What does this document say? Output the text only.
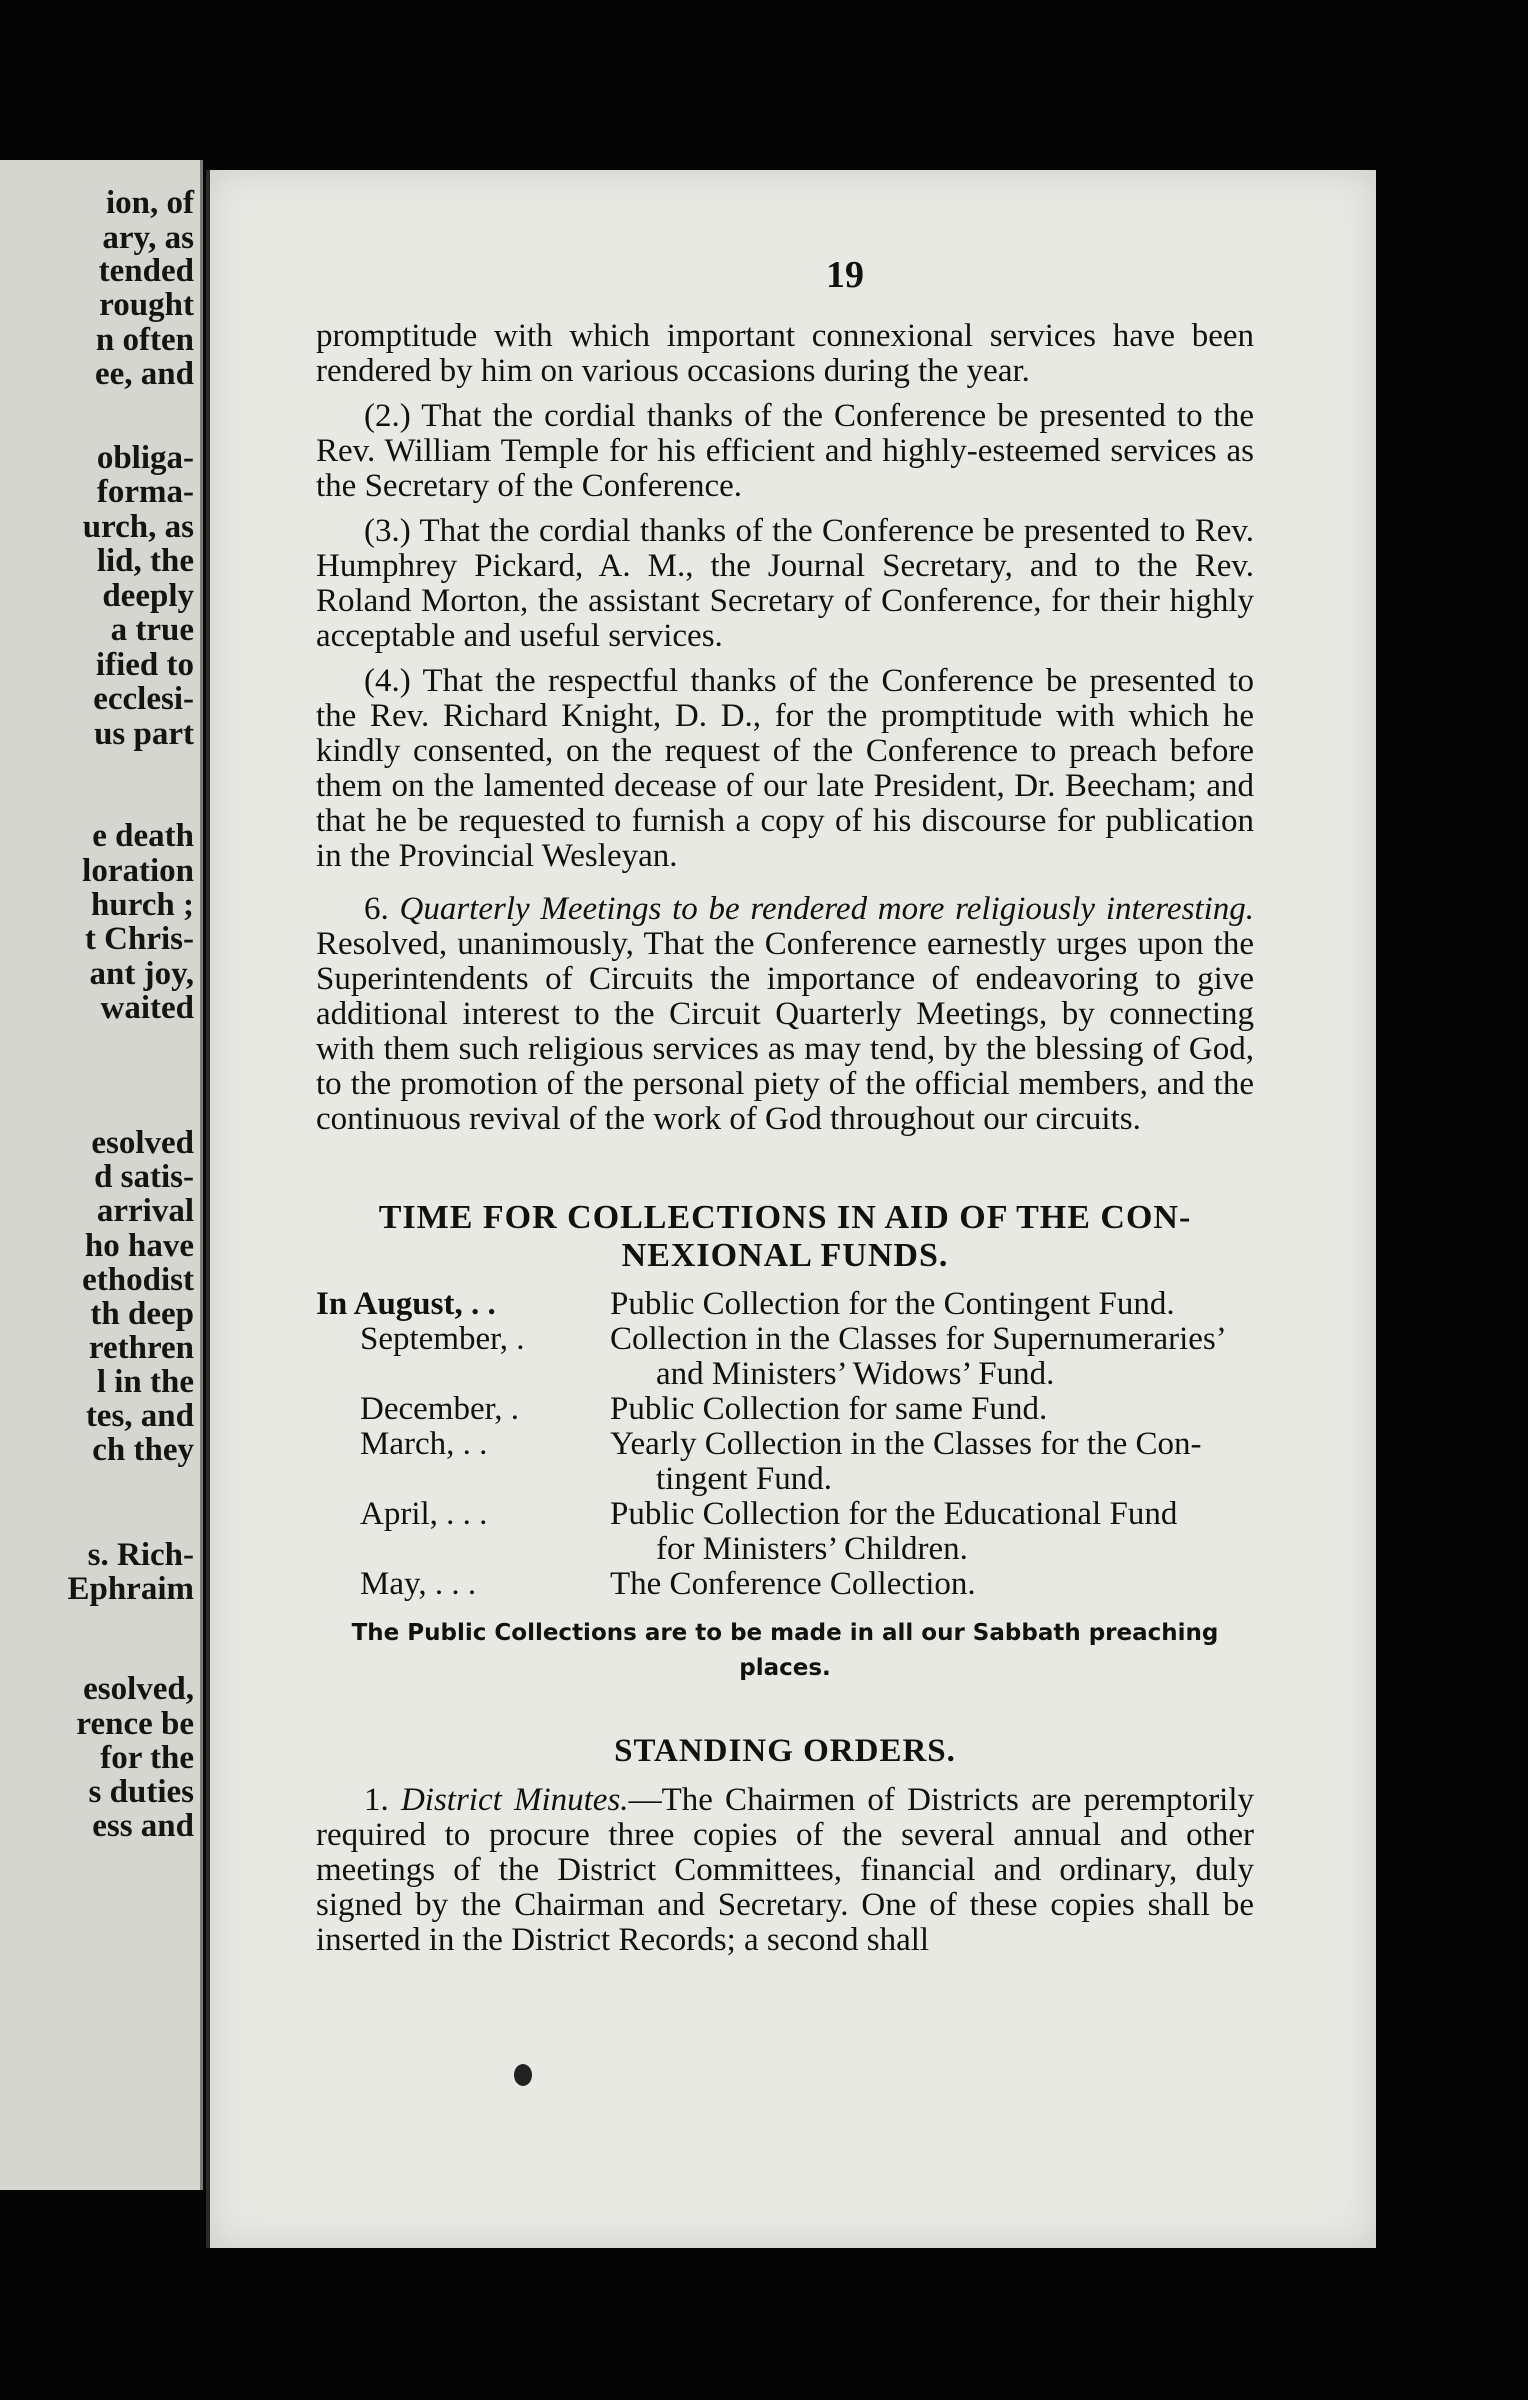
ion, of
ary, as
tended
rought
n often
ee, and
obliga-
forma-
urch, as
lid, the
deeply
a true
ified to
ecclesi-
us part
e death
loration
hurch ;
t Chris-
ant joy,
waited
esolved
d satis-
arrival
ho have
ethodist
th deep
rethren
l in the
tes, and
ch they
s. Rich-
Ephraim
esolved,
rence be
for the
s duties
ess and
19

promptitude with which important connexional services have been rendered by him on various occasions during the year.

(2.) That the cordial thanks of the Conference be presented to the Rev. William Temple for his efficient and highly-esteemed services as the Secretary of the Conference.

(3.) That the cordial thanks of the Conference be presented to Rev. Humphrey Pickard, A. M., the Journal Secretary, and to the Rev. Roland Morton, the assistant Secretary of Conference, for their highly acceptable and useful services.

(4.) That the respectful thanks of the Conference be presented to the Rev. Richard Knight, D. D., for the promptitude with which he kindly consented, on the request of the Conference to preach before them on the lamented decease of our late President, Dr. Beecham; and that he be requested to furnish a copy of his discourse for publication in the Provincial Wesleyan.

6. Quarterly Meetings to be rendered more religiously interesting. Resolved, unanimously, That the Conference earnestly urges upon the Superintendents of Circuits the importance of endeavoring to give additional interest to the Circuit Quarterly Meetings, by connecting with them such religious services as may tend, by the blessing of God, to the promotion of the personal piety of the official members, and the continuous revival of the work of God throughout our circuits.

TIME FOR COLLECTIONS IN AID OF THE CON-
NEXIONAL FUNDS.
In August, . .	Public Collection for the Contingent Fund.
September, .	Collection in the Classes for Supernumeraries’
and Ministers’ Widows’ Fund.

December, .	Public Collection for same Fund.
March, . .	Yearly Collection in the Classes for the Con-
tingent Fund.

April, . . .	Public Collection for the Educational Fund
for Ministers’ Children.

May, . . .	The Conference Collection.
The Public Collections are to be made in all our Sabbath preaching places.
STANDING ORDERS.

1. District Minutes.—The Chairmen of Districts are peremptorily required to procure three copies of the several annual and other meetings of the District Committees, financial and ordinary, duly signed by the Chairman and Secretary. One of these copies shall be inserted in the District Records; a second shall
